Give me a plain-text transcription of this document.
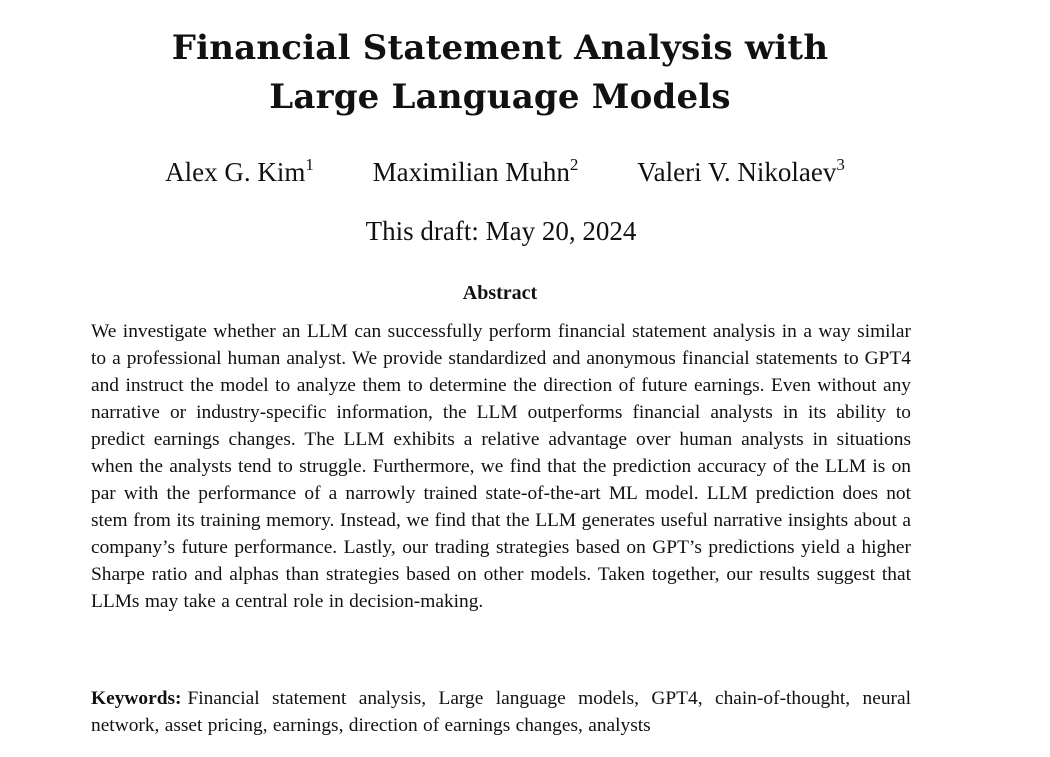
Financial Statement Analysis with
Large Language Models
Alex G. Kim$^1$ Maximilian Muhn$^2$ Valeri V. Nikolaev$^3$
This draft: May 20, 2024
Abstract

We investigate whether an LLM can successfully perform financial statement analysis in a way similar to a professional human analyst. We provide standardized and anonymous financial statements to GPT4 and instruct the model to analyze them to determine the direction of future earnings. Even without any narrative or industry-specific information, the LLM outperforms financial analysts in its ability to predict earnings changes. The LLM exhibits a relative advantage over human analysts in situations when the analysts tend to struggle. Furthermore, we find that the prediction accuracy of the LLM is on par with the performance of a narrowly trained state-of-the-art ML model. LLM prediction does not stem from its training memory. Instead, we find that the LLM generates useful narrative insights about a company’s future performance. Lastly, our trading strategies based on GPT’s predictions yield a higher Sharpe ratio and alphas than strategies based on other models. Taken together, our results suggest that LLMs may take a central role in decision-making.

Keywords: Financial statement analysis, Large language models, GPT4, chain-of-thought, neural network, asset pricing, earnings, direction of earnings changes, analysts
